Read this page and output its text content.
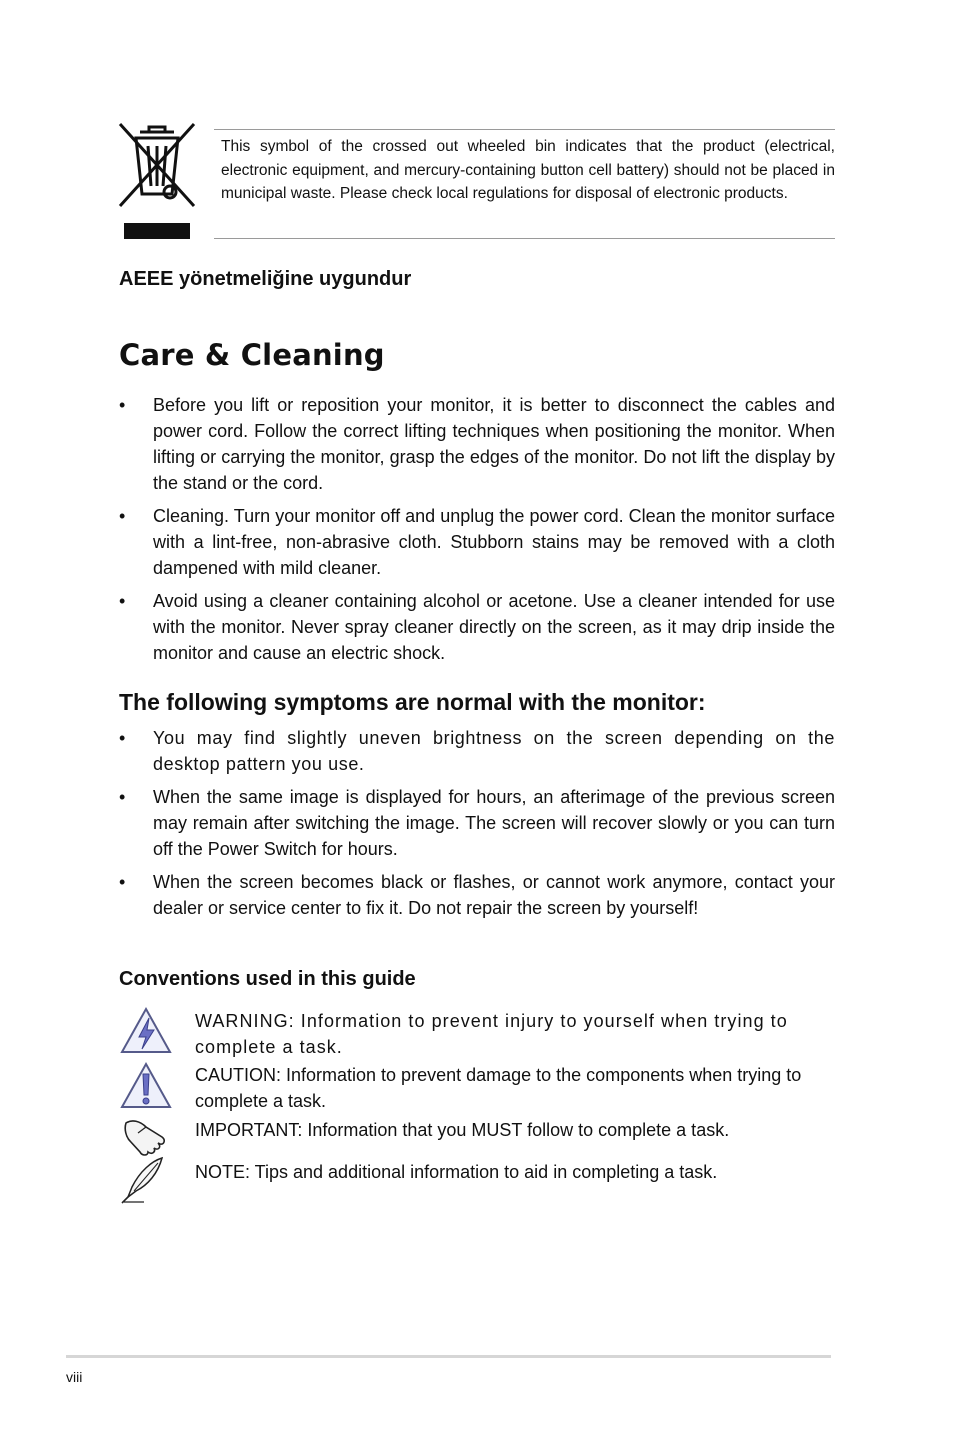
This symbol of the crossed out wheeled bin indicates that the product (electrical, electronic equipment, and mercury-containing button cell battery) should not be placed in municipal waste. Please check local regulations for disposal of electronic products.
AEEE yönetmeliğine uygundur
Care & Cleaning
• Before you lift or reposition your monitor, it is better to disconnect the cables and power cord. Follow the correct lifting techniques when positioning the monitor. When lifting or carrying the monitor, grasp the edges of the monitor. Do not lift the display by the stand or the cord.
• Cleaning. Turn your monitor off and unplug the power cord. Clean the monitor surface with a lint-free, non-abrasive cloth. Stubborn stains may be removed with a cloth dampened with mild cleaner.
• Avoid using a cleaner containing alcohol or acetone. Use a cleaner intended for use with the monitor. Never spray cleaner directly on the screen, as it may drip inside the monitor and cause an electric shock.
The following symptoms are normal with the monitor:
• You may find slightly uneven brightness on the screen depending on the desktop pattern you use.
• When the same image is displayed for hours, an afterimage of the previous screen may remain after switching the image. The screen will recover slowly or you can turn off the Power Switch for hours.
• When the screen becomes black or flashes, or cannot work anymore, contact your dealer or service center to fix it. Do not repair the screen by yourself!
Conventions used in this guide
WARNING: Information to prevent injury to yourself when trying to complete a task.
CAUTION: Information to prevent damage to the components when trying to complete a task.
IMPORTANT: Information that you MUST follow to complete a task.
NOTE: Tips and additional information to aid in completing a task.
viii
